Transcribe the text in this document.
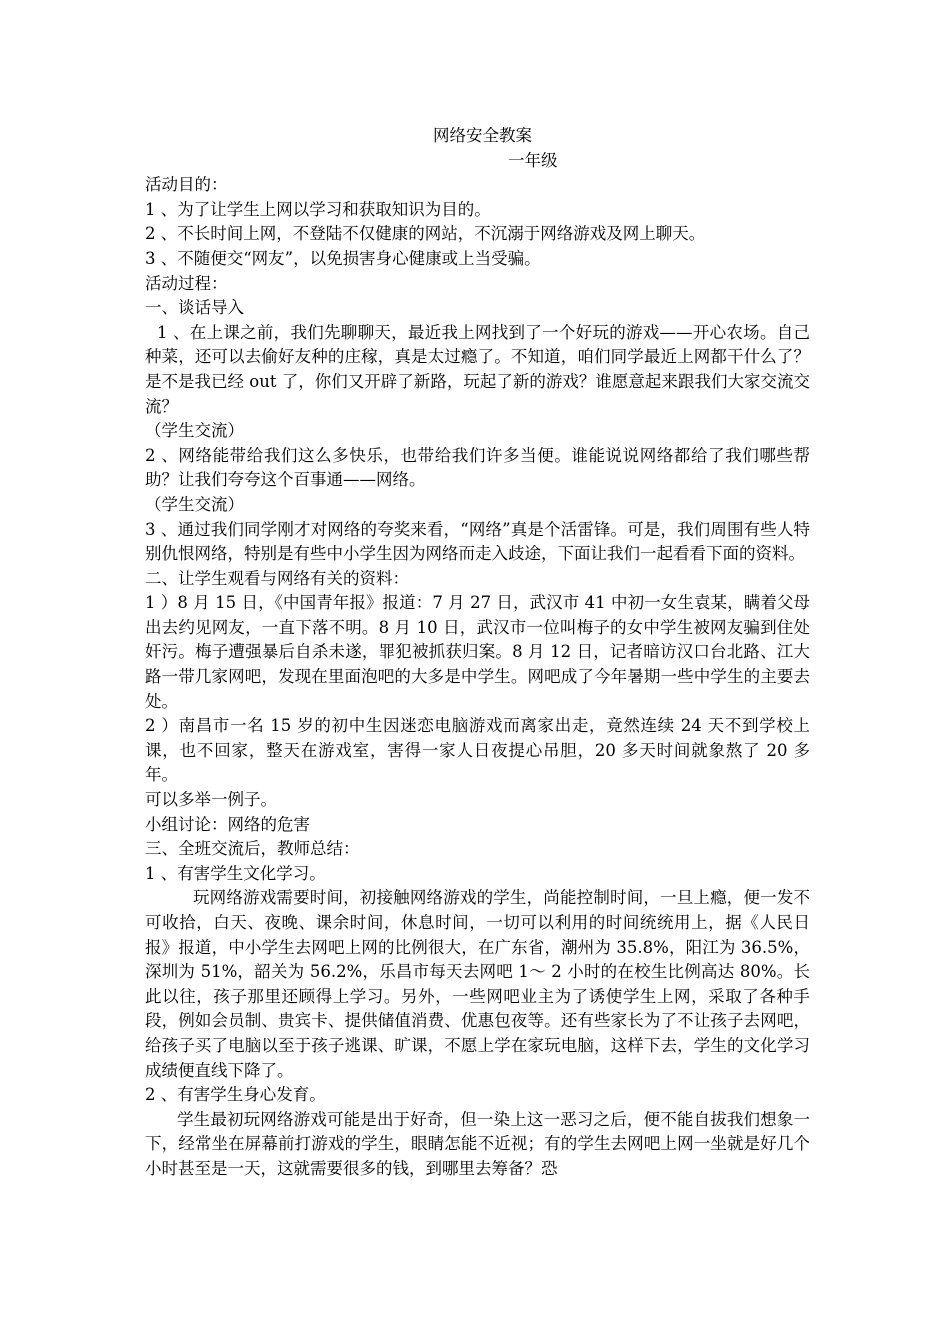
网络安全教案

一年级

活动目的：

1 、为了让学生上网以学习和获取知识为目的。

2 、不长时间上网，不登陆不仅健康的网站，不沉溺于网络游戏及网上聊天。

3 、不随便交“网友”，以免损害身心健康或上当受骗。

活动过程：

一、谈话导入

1 、在上课之前，我们先聊聊天，最近我上网找到了一个好玩的游戏——开心农场。自己种菜，还可以去偷好友种的庄稼，真是太过瘾了。不知道，咱们同学最近上网都干什么了？是不是我已经 out 了，你们又开辟了新路，玩起了新的游戏？谁愿意起来跟我们大家交流交流？

（学生交流）

2 、网络能带给我们这么多快乐，也带给我们许多当便。谁能说说网络都给了我们哪些帮助？让我们夸夸这个百事通——网络。

（学生交流）

3 、通过我们同学刚才对网络的夸奖来看，“网络”真是个活雷锋。可是，我们周围有些人特别仇恨网络，特别是有些中小学生因为网络而走入歧途，下面让我们一起看看下面的资料。

二、让学生观看与网络有关的资料：

1 ）8 月 15 日，《中国青年报》报道：7 月 27 日，武汉市 41 中初一女生袁某，瞒着父母出去约见网友，一直下落不明。8 月 10 日，武汉市一位叫梅子的女中学生被网友骗到住处奸污。梅子遭强暴后自杀未遂，罪犯被抓获归案。8 月 12 日，记者暗访汉口台北路、江大路一带几家网吧，发现在里面泡吧的大多是中学生。网吧成了今年暑期一些中学生的主要去处。

2 ）南昌市一名 15 岁的初中生因迷恋电脑游戏而离家出走，竟然连续 24 天不到学校上课，也不回家，整天在游戏室，害得一家人日夜提心吊胆，20 多天时间就象熬了 20 多年。

可以多举一例子。

小组讨论：网络的危害

三、全班交流后，教师总结：

1 、有害学生文化学习。

玩网络游戏需要时间，初接触网络游戏的学生，尚能控制时间，一旦上瘾，便一发不可收拾，白天、夜晚、课余时间，休息时间，一切可以利用的时间统统用上，据《人民日报》报道，中小学生去网吧上网的比例很大，在广东省，潮州为 35.8%，阳江为 36.5%，深圳为 51%，韶关为 56.2%，乐昌市每天去网吧 1～ 2 小时的在校生比例高达 80%。长此以往，孩子那里还顾得上学习。另外，一些网吧业主为了诱使学生上网，采取了各种手段，例如会员制、贵宾卡、提供储值消费、优惠包夜等。还有些家长为了不让孩子去网吧，给孩子买了电脑以至于孩子逃课、旷课，不愿上学在家玩电脑，这样下去，学生的文化学习成绩便直线下降了。

2 、有害学生身心发育。

学生最初玩网络游戏可能是出于好奇，但一染上这一恶习之后，便不能自拔我们想象一下，经常坐在屏幕前打游戏的学生，眼睛怎能不近视；有的学生去网吧上网一坐就是好几个小时甚至是一天，这就需要很多的钱，到哪里去筹备？恐
